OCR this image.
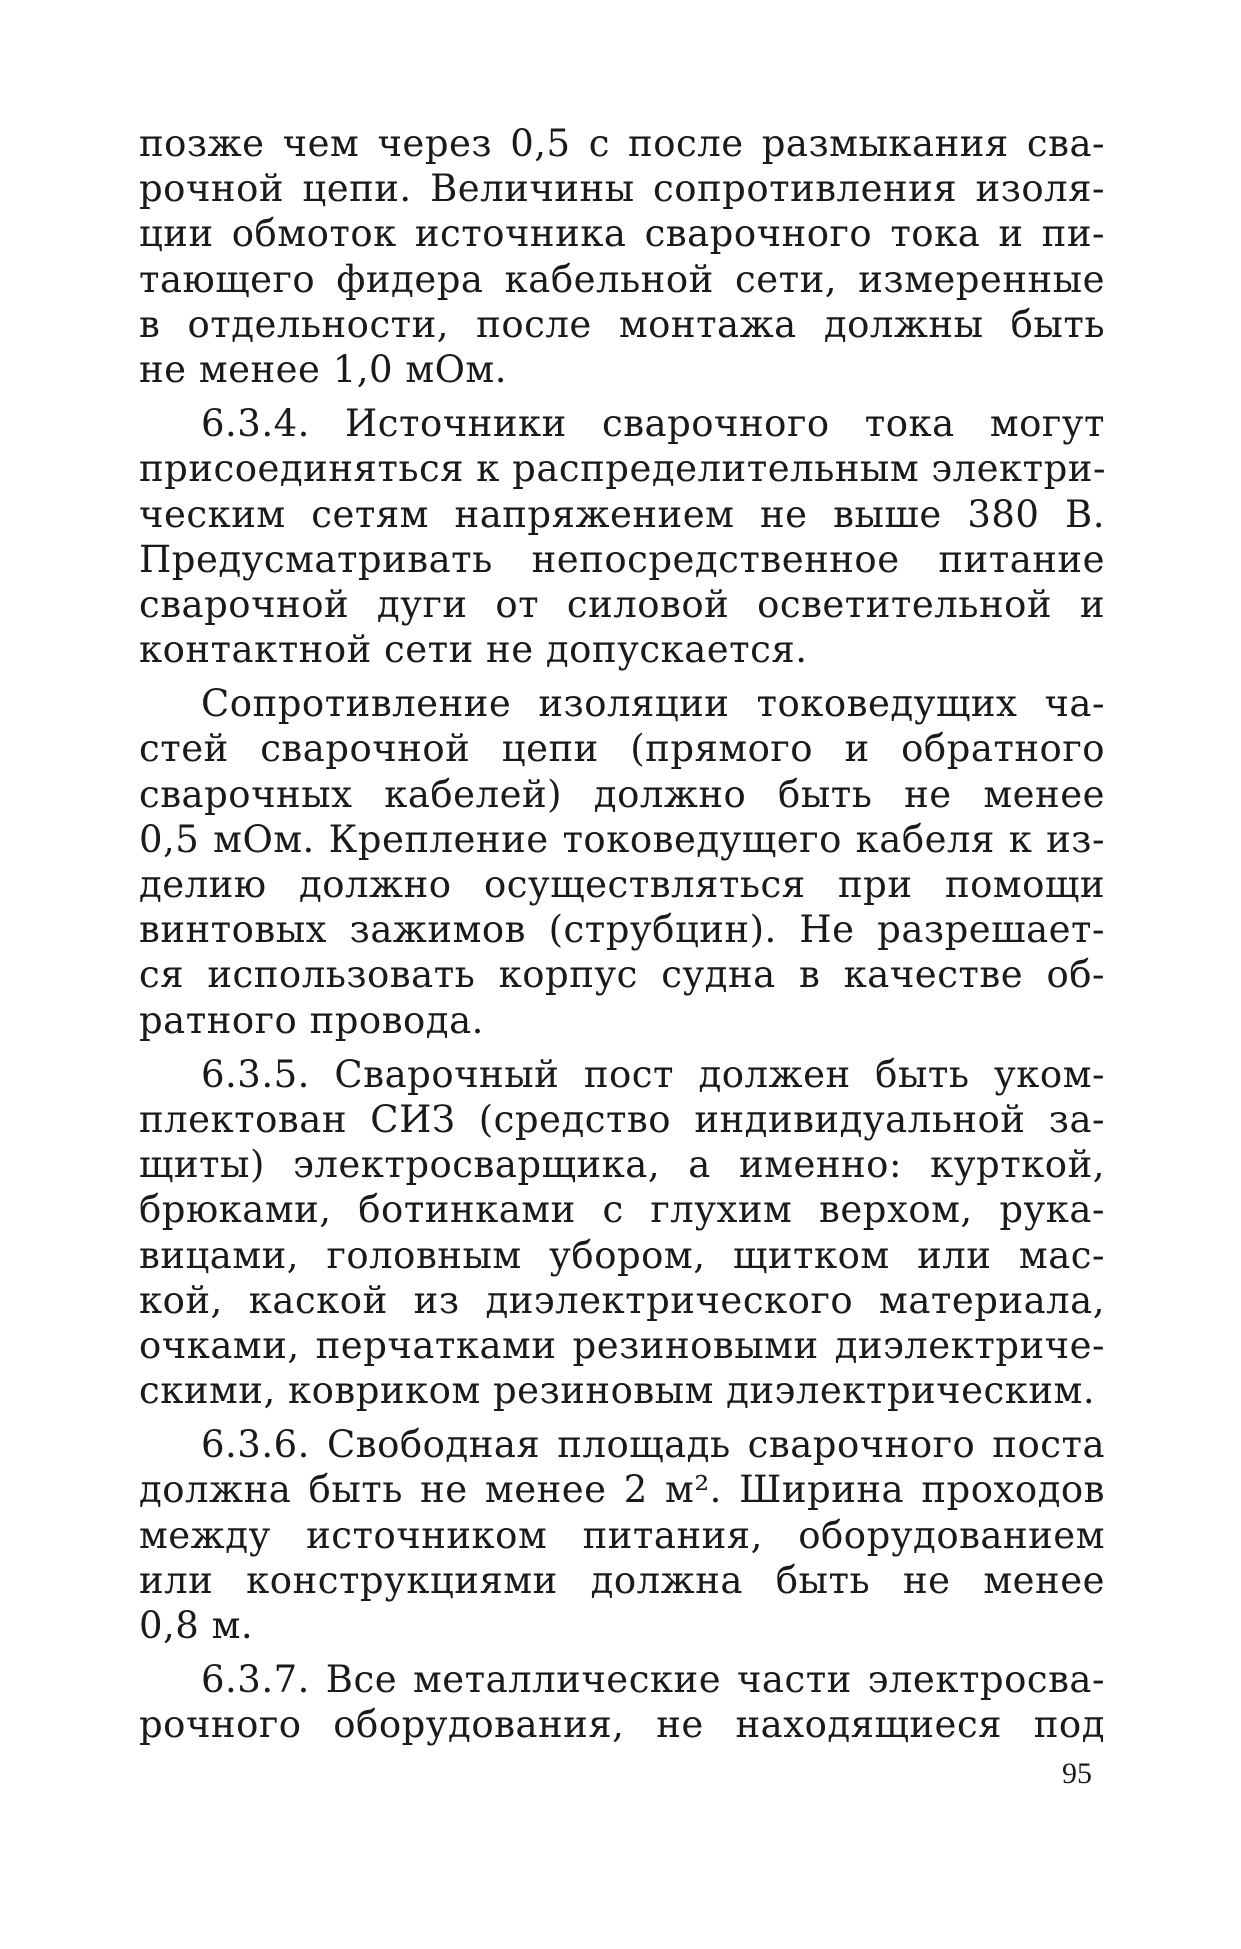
позже чем через 0,5 с после размыкания сва-
рочной цепи. Величины сопротивления изоля-
ции обмоток источника сварочного тока и пи-
тающего фидера кабельной сети, измеренные
в отдельности, после монтажа должны быть
не менее 1,0 мОм.

6.3.4. Источники сварочного тока могут
присоединяться к распределительным электри-
ческим сетям напряжением не выше 380 В.
Предусматривать непосредственное питание
сварочной дуги от силовой осветительной и
контактной сети не допускается.

Сопротивление изоляции токоведущих ча-
стей сварочной цепи (прямого и обратного
сварочных кабелей) должно быть не менее
0,5 мОм. Крепление токоведущего кабеля к из-
делию должно осуществляться при помощи
винтовых зажимов (струбцин). Не разрешает-
ся использовать корпус судна в качестве об-
ратного провода.

6.3.5. Сварочный пост должен быть уком-
плектован СИЗ (средство индивидуальной за-
щиты) электросварщика, а именно: курткой,
брюками, ботинками с глухим верхом, рука-
вицами, головным убором, щитком или мас-
кой, каской из диэлектрического материала,
очками, перчатками резиновыми диэлектриче-
скими, ковриком резиновым диэлектрическим.

6.3.6. Свободная площадь сварочного поста
должна быть не менее 2 м². Ширина проходов
между источником питания, оборудованием
или конструкциями должна быть не менее
0,8 м.

6.3.7. Все металлические части электросва-
рочного оборудования, не находящиеся под

95
